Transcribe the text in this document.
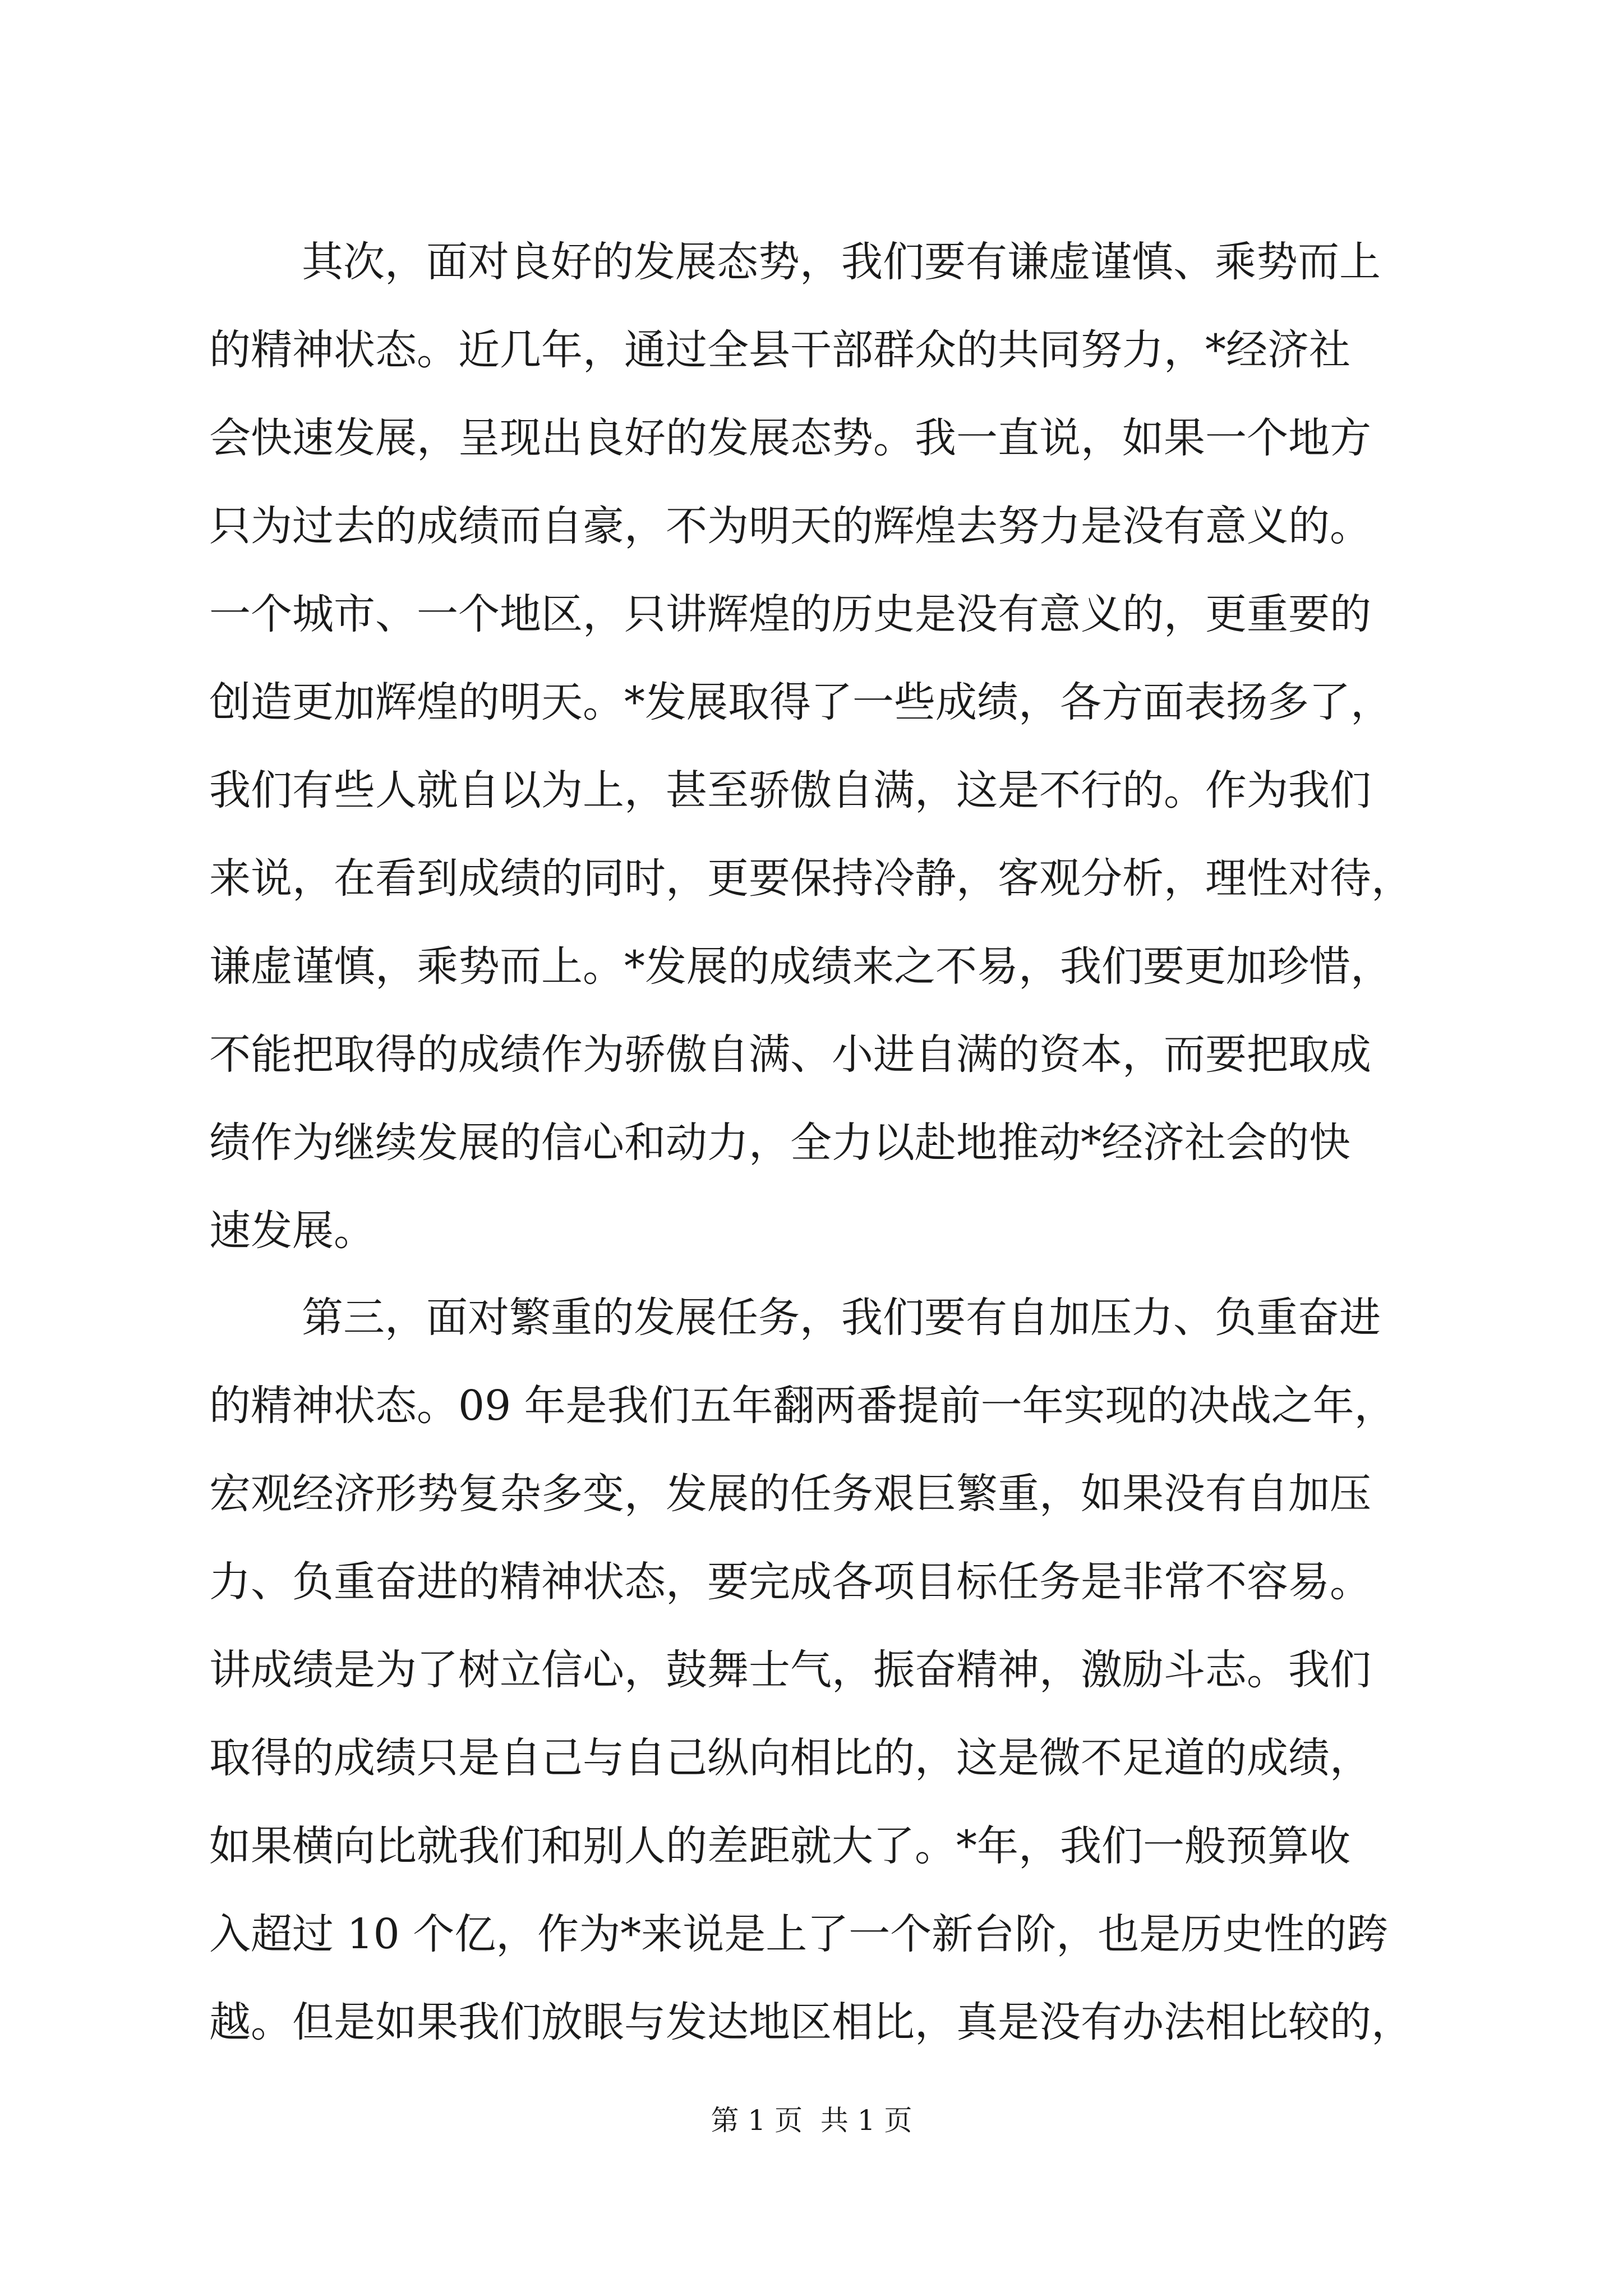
其次，面对良好的发展态势，我们要有谦虚谨慎、乘势而上
的精神状态。近几年，通过全县干部群众的共同努力，*经济社
会快速发展，呈现出良好的发展态势。我一直说，如果一个地方
只为过去的成绩而自豪，不为明天的辉煌去努力是没有意义的。
一个城市、一个地区，只讲辉煌的历史是没有意义的，更重要的
创造更加辉煌的明天。*发展取得了一些成绩，各方面表扬多了，
我们有些人就自以为上，甚至骄傲自满，这是不行的。作为我们
来说，在看到成绩的同时，更要保持冷静，客观分析，理性对待，
谦虚谨慎，乘势而上。*发展的成绩来之不易，我们要更加珍惜，
不能把取得的成绩作为骄傲自满、小进自满的资本，而要把取成
绩作为继续发展的信心和动力，全力以赴地推动*经济社会的快
速发展。
第三，面对繁重的发展任务，我们要有自加压力、负重奋进
的精神状态。09 年是我们五年翻两番提前一年实现的决战之年，
宏观经济形势复杂多变，发展的任务艰巨繁重，如果没有自加压
力、负重奋进的精神状态，要完成各项目标任务是非常不容易。
讲成绩是为了树立信心，鼓舞士气，振奋精神，激励斗志。我们
取得的成绩只是自己与自己纵向相比的，这是微不足道的成绩，
如果横向比就我们和别人的差距就大了。*年，我们一般预算收
入超过 10 个亿，作为*来说是上了一个新台阶，也是历史性的跨
越。但是如果我们放眼与发达地区相比，真是没有办法相比较的，
第 1 页  共 1 页
